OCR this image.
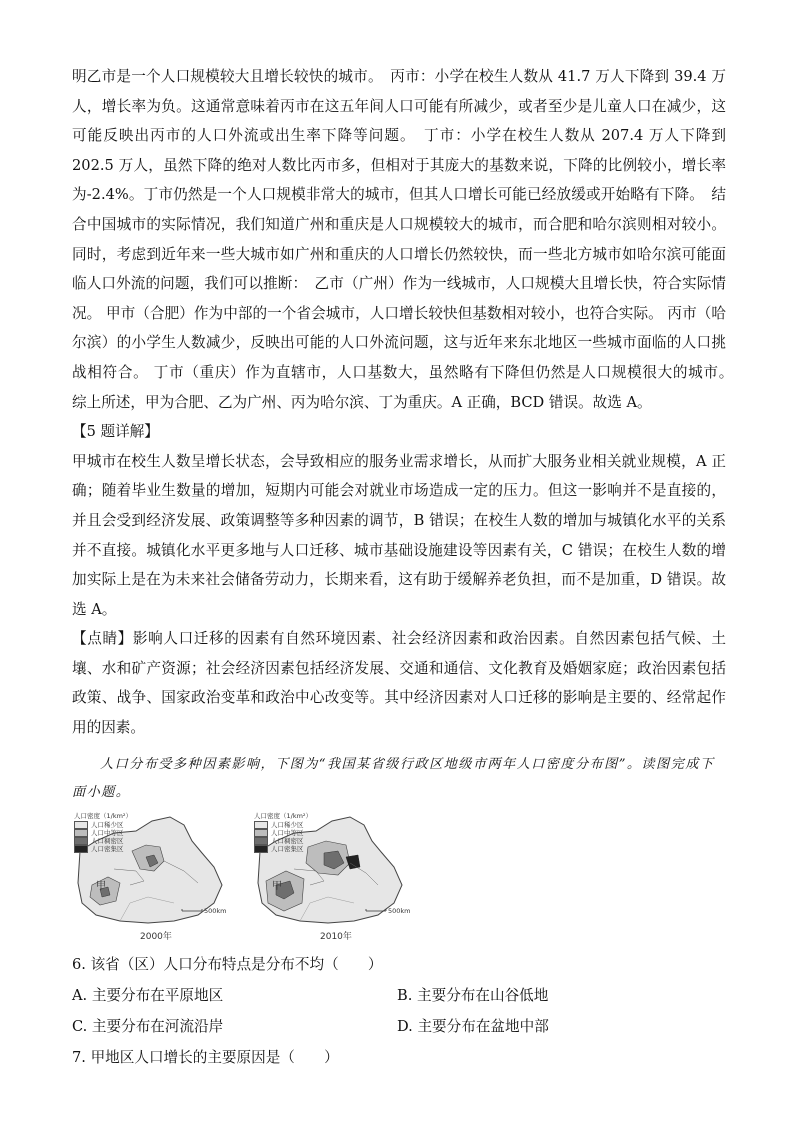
明乙市是一个人口规模较大且增长较快的城市。　丙市：小学在校生人数从 41.7 万人下降到 39.4 万人，增长率为负。这通常意味着丙市在这五年间人口可能有所减少，或者至少是儿童人口在减少，这可能反映出丙市的人口外流或出生率下降等问题。　丁市：小学在校生人数从 207.4 万人下降到 202.5 万人，虽然下降的绝对人数比丙市多，但相对于其庞大的基数来说，下降的比例较小，增长率为-2.4%。丁市仍然是一个人口规模非常大的城市，但其人口增长可能已经放缓或开始略有下降。　结合中国城市的实际情况，我们知道广州和重庆是人口规模较大的城市，而合肥和哈尔滨则相对较小。同时，考虑到近年来一些大城市如广州和重庆的人口增长仍然较快，而一些北方城市如哈尔滨可能面临人口外流的问题，我们可以推断：　乙市（广州）作为一线城市，人口规模大且增长快，符合实际情况。 甲市（合肥）作为中部的一个省会城市，人口增长较快但基数相对较小，也符合实际。 丙市（哈尔滨）的小学生人数减少，反映出可能的人口外流问题，这与近年来东北地区一些城市面临的人口挑战相符合。 丁市（重庆）作为直辖市，人口基数大，虽然略有下降但仍然是人口规模很大的城市。　综上所述，甲为合肥、乙为广州、丙为哈尔滨、丁为重庆。A 正确，BCD 错误。故选 A。

【5 题详解】

甲城市在校生人数呈增长状态，会导致相应的服务业需求增长，从而扩大服务业相关就业规模，A 正确；随着毕业生数量的增加，短期内可能会对就业市场造成一定的压力。但这一影响并不是直接的，并且会受到经济发展、政策调整等多种因素的调节，B 错误；在校生人数的增加与城镇化水平的关系并不直接。城镇化水平更多地与人口迁移、城市基础设施建设等因素有关，C 错误；在校生人数的增加实际上是在为未来社会储备劳动力，长期来看，这有助于缓解养老负担，而不是加重，D 错误。故选 A。

【点睛】影响人口迁移的因素有自然环境因素、社会经济因素和政治因素。自然因素包括气候、土壤、水和矿产资源；社会经济因素包括经济发展、交通和通信、文化教育及婚姻家庭；政治因素包括政策、战争、国家政治变革和政治中心改变等。其中经济因素对人口迁移的影响是主要的、经常起作用的因素。

人口分布受多种因素影响，下图为“我国某省级行政区地级市两年人口密度分布图”。读图完成下面小题。

人口密度（1/km²）
人口稀少区
人口中等区
人口稠密区
人口密集区
甲
500km
2000年
人口密度（1/km²）
人口稀少区
人口中等区
人口稠密区
人口密集区
甲
500km
2010年

6. 该省（区）人口分布特点是分布不均（　　）

A. 主要分布在平原地区	B. 主要分布在山谷低地
C. 主要分布在河流沿岸	D. 主要分布在盆地中部

7. 甲地区人口增长的主要原因是（　　）
